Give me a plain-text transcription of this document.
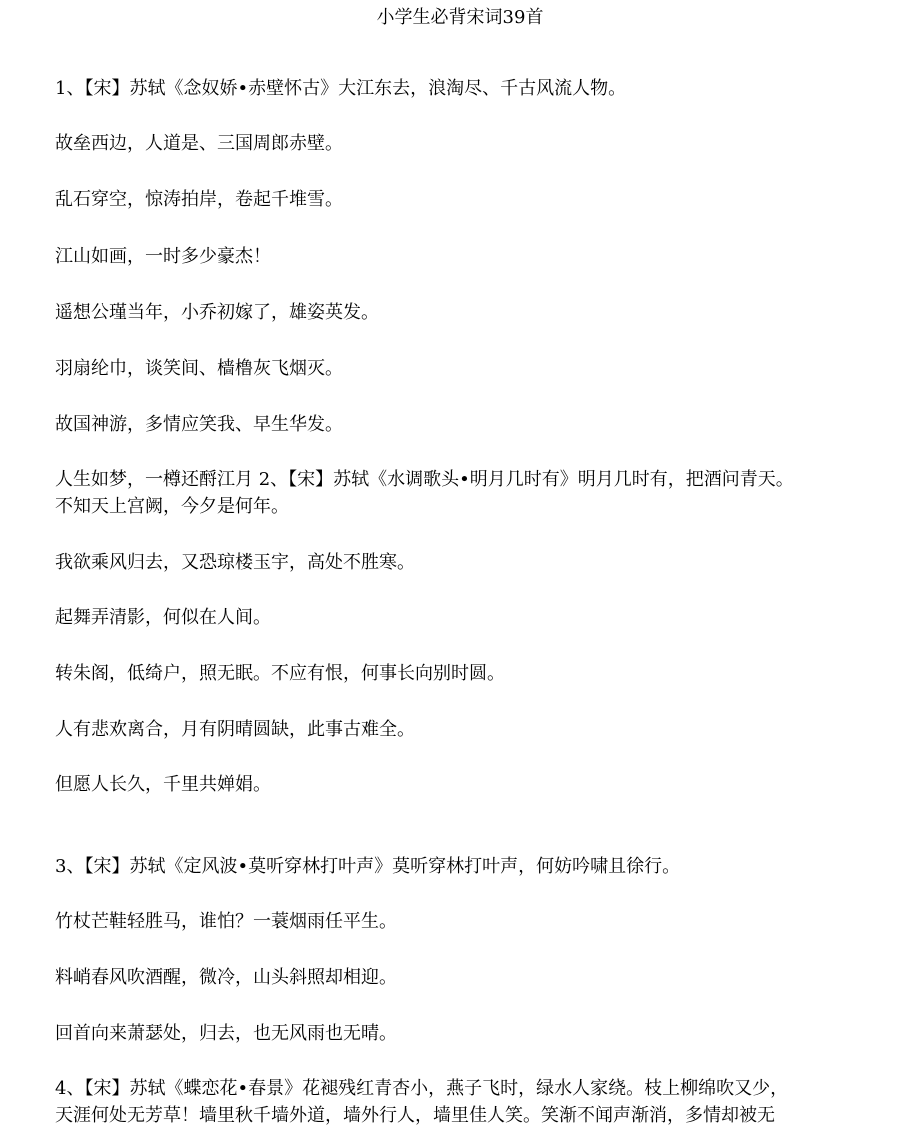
小学生必背宋词39首
1、【宋】苏轼《念奴娇•赤壁怀古》大江东去，浪淘尽、千古风流人物。
故垒西边，人道是、三国周郎赤壁。
乱石穿空，惊涛拍岸，卷起千堆雪。
江山如画，一时多少豪杰！
遥想公瑾当年，小乔初嫁了，雄姿英发。
羽扇纶巾，谈笑间、樯橹灰飞烟灭。
故国神游，多情应笑我、早生华发。
人生如梦，一樽还酹江月 2、【宋】苏轼《水调歌头•明月几时有》明月几时有，把酒问青天。
不知天上宫阙，今夕是何年。
我欲乘风归去，又恐琼楼玉宇，高处不胜寒。
起舞弄清影，何似在人间。
转朱阁，低绮户，照无眠。不应有恨，何事长向别时圆。
人有悲欢离合，月有阴晴圆缺，此事古难全。
但愿人长久，千里共婵娟。
3、【宋】苏轼《定风波•莫听穿林打叶声》莫听穿林打叶声，何妨吟啸且徐行。
竹杖芒鞋轻胜马，谁怕？一蓑烟雨任平生。
料峭春风吹酒醒，微冷，山头斜照却相迎。
回首向来萧瑟处，归去，也无风雨也无晴。
4、【宋】苏轼《蝶恋花•春景》花褪残红青杏小，燕子飞时，绿水人家绕。枝上柳绵吹又少，
天涯何处无芳草！墙里秋千墙外道，墙外行人，墙里佳人笑。笑渐不闻声渐消，多情却被无
